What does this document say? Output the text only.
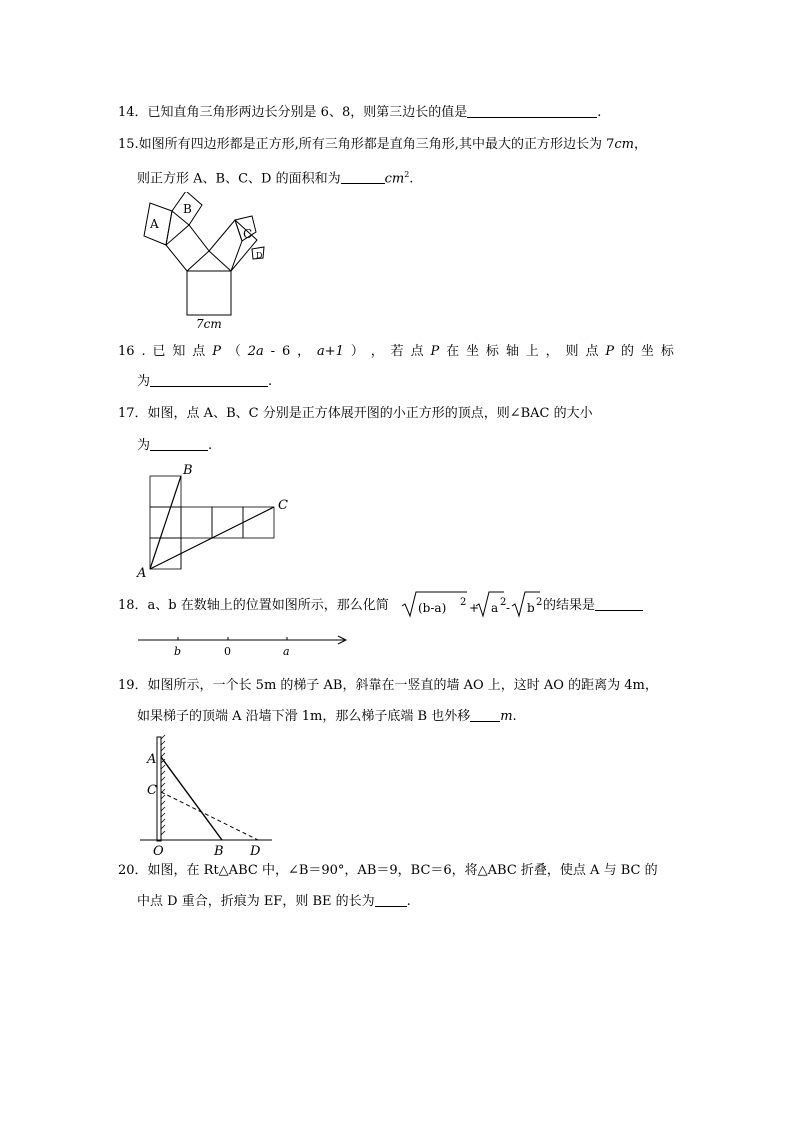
14．已知直角三角形两边长分别是 6、8，则第三边长的值是	.
15.如图所有四边形都是正方形,所有三角形都是直角三角形,其中最大的正方形边长为 7cm，
则正方形 A、B、C、D 的面积和为	$cm^2$.
A
B
C
D
7cm
16 . 已 知 点 P （ 2a - 6 ， a+1 ） ， 若 点 P 在 坐 标 轴 上 ， 则 点 P 的 坐 标
为	.
17．如图，点 A、B、C 分别是正方体展开图的小正方形的顶点，则∠BAC 的大小
为	.
A
B
C
18．a、b 在数轴上的位置如图所示，那么化简 (b-a) 2 + a 2 - b 2 的结果是
b	0	a
19．如图所示，一个长 5m 的梯子 AB，斜靠在一竖直的墙 AO 上，这时 AO 的距离为 4m，
如果梯子的顶端 A 沿墙下滑 1m，那么梯子底端 B 也外移 m.
A
C
O	B D
20．如图，在 Rt△ABC 中，∠B＝90°，AB＝9，BC＝6，将△ABC 折叠，使点 A 与 BC 的
中点 D 重合，折痕为 EF，则 BE 的长为 .
